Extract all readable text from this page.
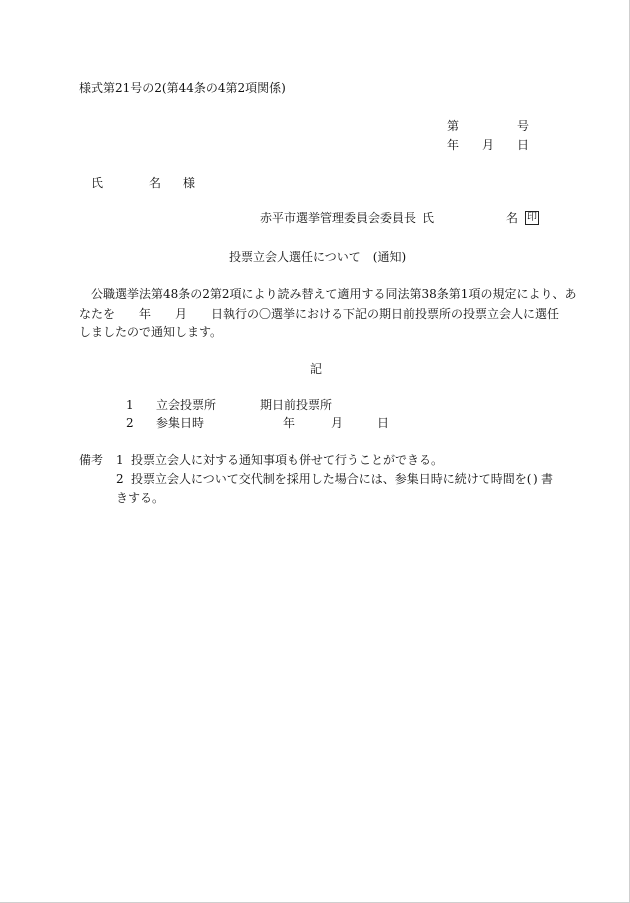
様式第21号の2(第44条の4第2項関係)
第	号
年 月 日
氏	名 様
赤平市選挙管理委員会委員長 氏	名 印
投票立会人選任について　(通知)
公職選挙法第48条の2第2項により読み替えて適用する同法第38条第1項の規定により、あ
なたを 年 月 日執行の〇選挙における下記の期日前投票所の投票立会人に選任
しましたので通知します。
記
1 立会投票所	期日前投票所
2 参集日時	年	月	日
備考 1 投票立会人に対する通知事項も併せて行うことができる。
2 投票立会人について交代制を採用した場合には、参集日時に続けて時間を( ) 書
きする。
